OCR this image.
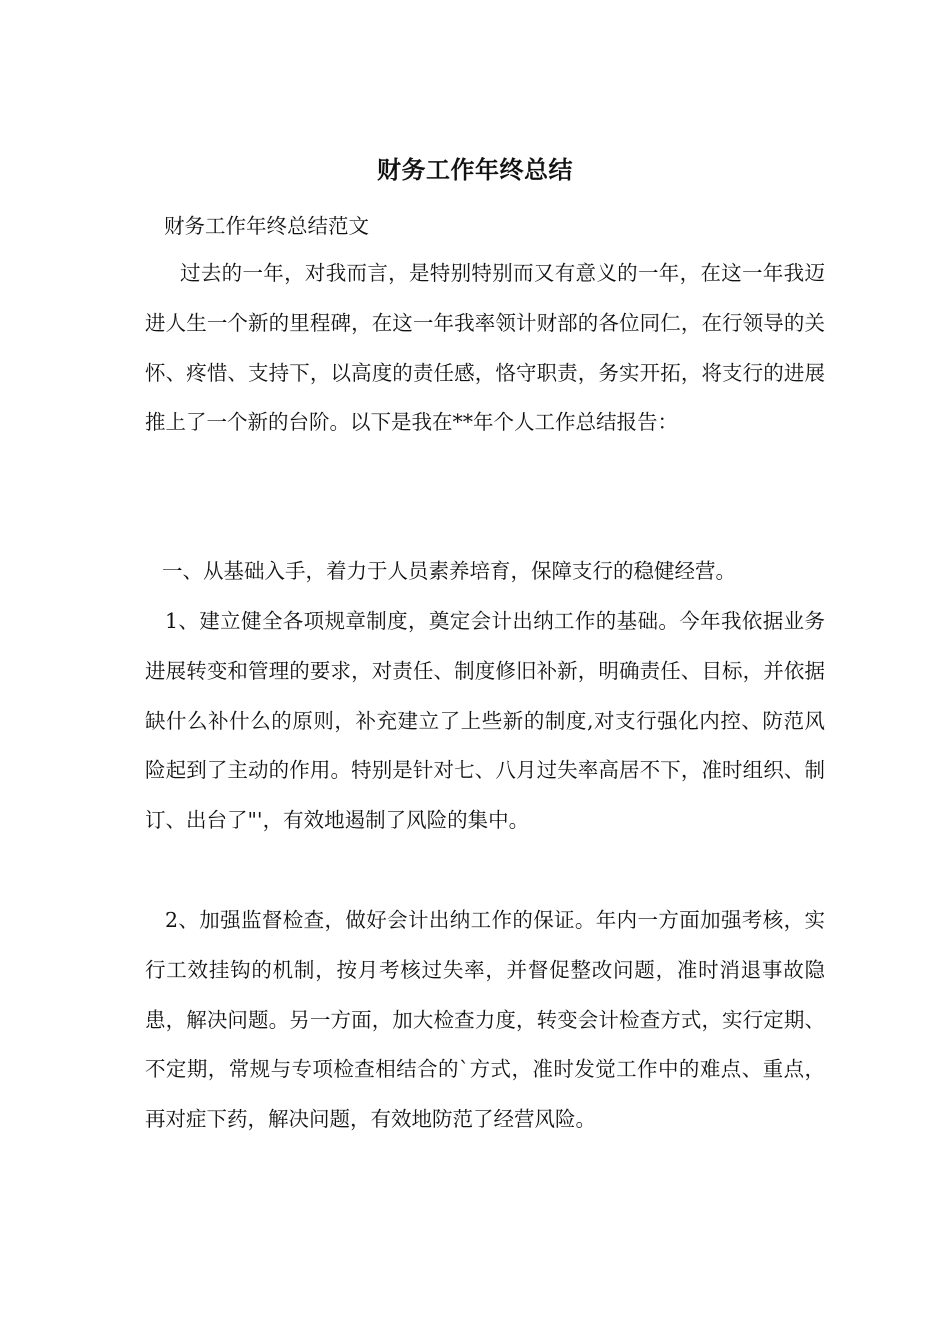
财务工作年终总结
财务工作年终总结范文

过去的一年，对我而言，是特别特别而又有意义的一年，在这一年我迈进人生一个新的里程碑，在这一年我率领计财部的各位同仁，在行领导的关怀、疼惜、支持下，以高度的责任感，恪守职责，务实开拓，将支行的进展推上了一个新的台阶。以下是我在**年个人工作总结报告：

一、从基础入手，着力于人员素养培育，保障支行的稳健经营。

1、建立健全各项规章制度，奠定会计出纳工作的基础。今年我依据业务进展转变和管理的要求，对责任、制度修旧补新，明确责任、目标，并依据缺什么补什么的原则，补充建立了上些新的制度,对支行强化内控、防范风险起到了主动的作用。特别是针对七、八月过失率高居不下，准时组织、制订、出台了"'，有效地遏制了风险的集中。

2、加强监督检查，做好会计出纳工作的保证。年内一方面加强考核，实行工效挂钩的机制，按月考核过失率，并督促整改问题，准时消退事故隐患，解决问题。另一方面，加大检查力度，转变会计检查方式，实行定期、不定期，常规与专项检查相结合的`方式，准时发觉工作中的难点、重点，再对症下药，解决问题，有效地防范了经营风险。
